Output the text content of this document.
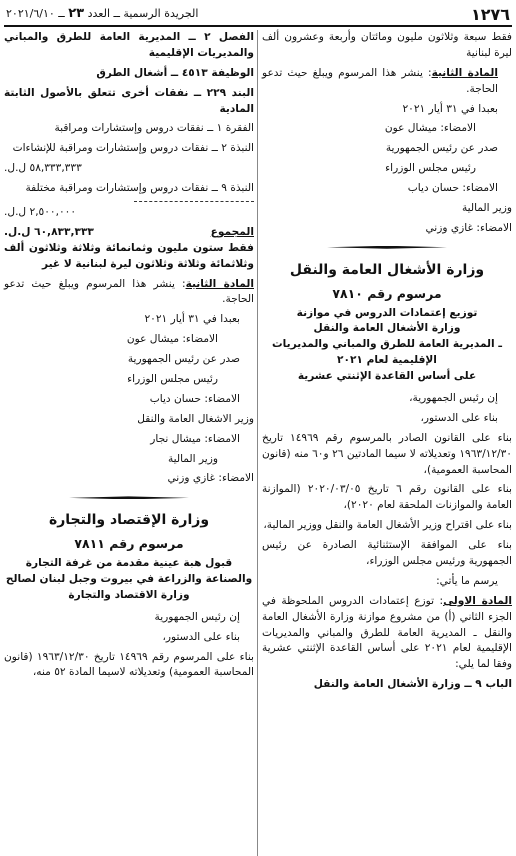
١٢٧٦
الجريدة الرسمية ــ العدد ٢٣ ــ ٢٠٢١/٦/١٠

فقط سبعة وثلاثون مليون ومائتان وأربعة وعشرون ألف ليرة لبنانية

المادة الثانية: ينشر هذا المرسوم ويبلغ حيث تدعو الحاجة.

بعبدا في ٣١ أيار ٢٠٢١

الامضاء: ميشال عون

صدر عن رئيس الجمهورية

رئيس مجلس الوزراء

الامضاء: حسان دياب

وزير المالية

الامضاء: غازي وزني

وزارة الأشغال العامة والنقل
مرسوم رقم ٧٨١٠

توزيع إعتمادات الدروس في موازنة

وزارة الأشغال العامة والنقل

ـ المديرية العامة للطرق والمباني والمديريات

الإقليمية لعام ٢٠٢١

على أساس القاعدة الإثنتي عشرية

إن رئيس الجمهورية،

بناء على الدستور،

بناء على القانون الصادر بالمرسوم رقم ١٤٩٦٩ تاريخ ١٩٦٣/١٢/٣٠ وتعديلاته لا سيما المادتين ٢٦ و٦٠ منه (قانون المحاسبة العمومية)،

بناء على القانون رقم ٦ تاريخ ٢٠٢٠/٠٣/٠٥ (الموازنة العامة والموازنات الملحقة لعام ٢٠٢٠)،

بناء على اقتراح وزير الأشغال العامة والنقل ووزير المالية،

بناء على الموافقة الإستثنائية الصادرة عن رئيس الجمهورية ورئيس مجلس الوزراء،

يرسم ما يأتي:

المادة الاولى: توزع إعتمادات الدروس الملحوظة في الجزء الثاني (أ) من مشروع موازنة وزارة الأشغال العامة والنقل ـ المديرية العامة للطرق والمباني والمديريات الإقليمية لعام ٢٠٢١ على أساس القاعدة الإثنتي عشرية وفقا لما يلي:

الباب ٩ ــ وزارة الأشغال العامة والنقل

الفصل ٢ ــ المديرية العامة للطرق والمباني والمديريات الإقليمية

الوظيفة ٤٥١٣ ــ أشغال الطرق

البند ٢٢٩ ــ نفقات أخرى تتعلق بالأصول الثابتة المادية

الفقرة ١ ــ نفقات دروس وإستشارات ومراقبة

النبذة ٢ ــ نفقات دروس وإستشارات ومراقبة للإنشاءات

٥٨,٣٣٣,٣٣٣ ل.ل.

النبذة ٩ ــ نفقات دروس وإستشارات ومراقبة مختلفة

٢,٥٠٠,٠٠٠ ل.ل.

المجموع
٦٠,٨٣٣,٣٣٣ ل.ل.

فقط ستون مليون وثمانمائة وثلاثة وثلاثون ألف وثلاثمائة وثلاثة وثلاثون ليرة لبنانية لا غير

المادة الثانية: ينشر هذا المرسوم ويبلغ حيث تدعو الحاجة.

بعبدا في ٣١ أيار ٢٠٢١

الامضاء: ميشال عون

صدر عن رئيس الجمهورية

رئيس مجلس الوزراء

الامضاء: حسان دياب

وزير الاشغال العامة والنقل

الامضاء: ميشال نجار

وزير المالية

الامضاء: غازي وزني

وزارة الإقتصاد والتجارة
مرسوم رقم ٧٨١١

قبول هبة عينية مقدمة من غرفة التجارة والصناعة والزراعة في بيروت وجبل لبنان لصالح وزارة الاقتصاد والتجارة

إن رئيس الجمهورية

بناء على الدستور،

بناء على المرسوم رقم ١٤٩٦٩ تاريخ ١٩٦٣/١٢/٣٠ (قانون المحاسبة العمومية) وتعديلاته لاسيما المادة ٥٢ منه،
